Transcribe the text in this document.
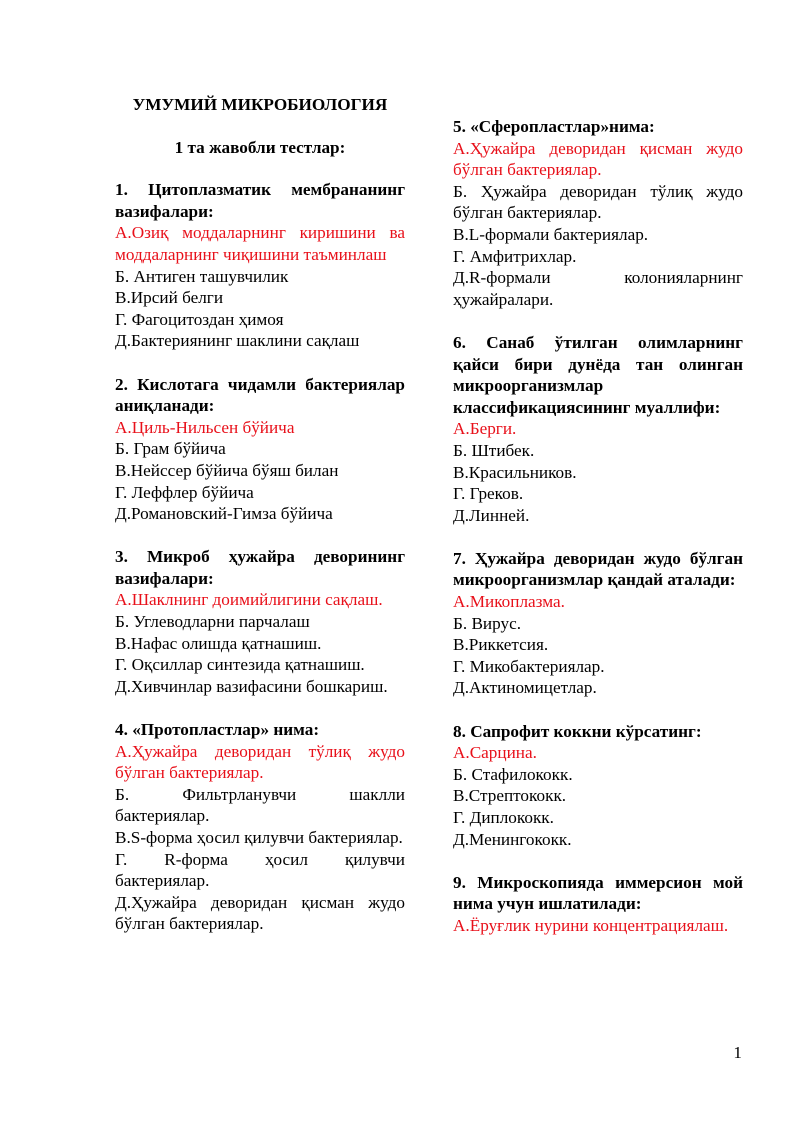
УМУМИЙ МИКРОБИОЛОГИЯ

1 та жавобли тестлар:

1. Цитоплазматик мембрананинг вазифалари:
А.Озиқ моддаларнинг киришини ва моддаларнинг чиқишини таъминлаш
Б. Антиген ташувчилик
В.Ирсий белги
Г. Фагоцитоздан ҳимоя
Д.Бактериянинг шаклини сақлаш
2. Кислотага чидамли бактериялар аниқланади:
А.Циль-Нильсен бўйича
Б. Грам бўйича
В.Нейссер бўйича бўяш билан
Г. Леффлер бўйича
Д.Романовский-Гимза бўйича
3. Микроб ҳужайра деворининг вазифалари:
А.Шаклнинг доимийлигини сақлаш.
Б. Углеводларни парчалаш
В.Нафас олишда қатнашиш.
Г. Оқсиллар синтезида қатнашиш.
Д.Хивчинлар вазифасини бошкариш.
4. «Протопластлар» нима:
А.Ҳужайра деворидан тўлиқ жудо бўлган бактериялар.
Б. Фильтрланувчи шаклли бактериялар.
В.S-форма ҳосил қилувчи бактериялар.
Г. R-форма ҳосил қилувчи бактериялар.
Д.Ҳужайра деворидан қисман жудо бўлган бактериялар.
5. «Сферопластлар»нима:
А.Ҳужайра деворидан қисман жудо бўлган бактериялар.
Б. Ҳужайра деворидан тўлиқ жудо бўлган бактериялар.
В.L-формали бактериялар.
Г. Амфитрихлар.
Д.R-формали колонияларнинг ҳужайралари.
6. Санаб ўтилган олимларнинг қайси бири дунёда тан олинган микроорганизмлар классификациясининг муаллифи:
А.Берги.
Б. Штибек.
В.Красильников.
Г. Греков.
Д.Линней.
7. Ҳужайра деворидан жудо бўлган микроорганизмлар қандай аталади:
А.Микоплазма.
Б. Вирус.
В.Риккетсия.
Г. Микобактериялар.
Д.Актиномицетлар.
8. Сапрофит коккни кўрсатинг:
А.Сарцина.
Б. Стафилококк.
В.Стрептококк.
Г. Диплококк.
Д.Менингококк.
9. Микроскопияда иммерсион мой нима учун ишлатилади:
А.Ёруғлик нурини концентрациялаш.
1
